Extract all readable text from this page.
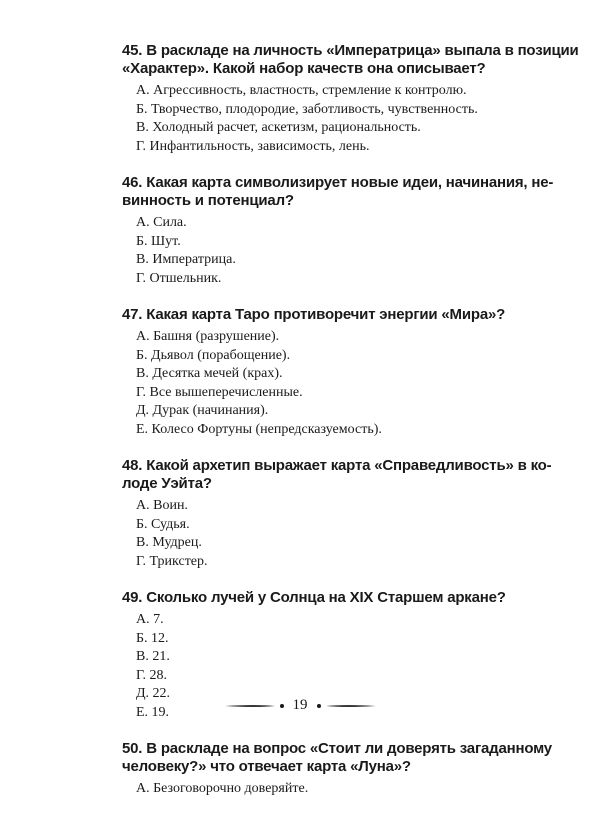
45. В раскладе на личность «Императрица» выпала в позиции
«Характер». Какой набор качеств она описывает?

А. Агрессивность, властность, стремление к контролю.
Б. Творчество, плодородие, заботливость, чувственность.
В. Холодный расчет, аскетизм, рациональность.
Г. Инфантильность, зависимость, лень.

46. Какая карта символизирует новые идеи, начинания, не-
винность и потенциал?

А. Сила.
Б. Шут.
В. Императрица.
Г. Отшельник.

47. Какая карта Таро противоречит энергии «Мира»?

А. Башня (разрушение).
Б. Дьявол (порабощение).
В. Десятка мечей (крах).
Г. Все вышеперечисленные.
Д. Дурак (начинания).
Е. Колесо Фортуны (непредсказуемость).

48. Какой архетип выражает карта «Справедливость» в ко-
лоде Уэйта?

А. Воин.
Б. Судья.
В. Мудрец.
Г. Трикстер.

49. Сколько лучей у Солнца на XIX Старшем аркане?

А. 7.
Б. 12.
В. 21.
Г. 28.
Д. 22.
Е. 19.

50. В раскладе на вопрос «Стоит ли доверять загаданному
человеку?» что отвечает карта «Луна»?

А. Безоговорочно доверяйте.
19
